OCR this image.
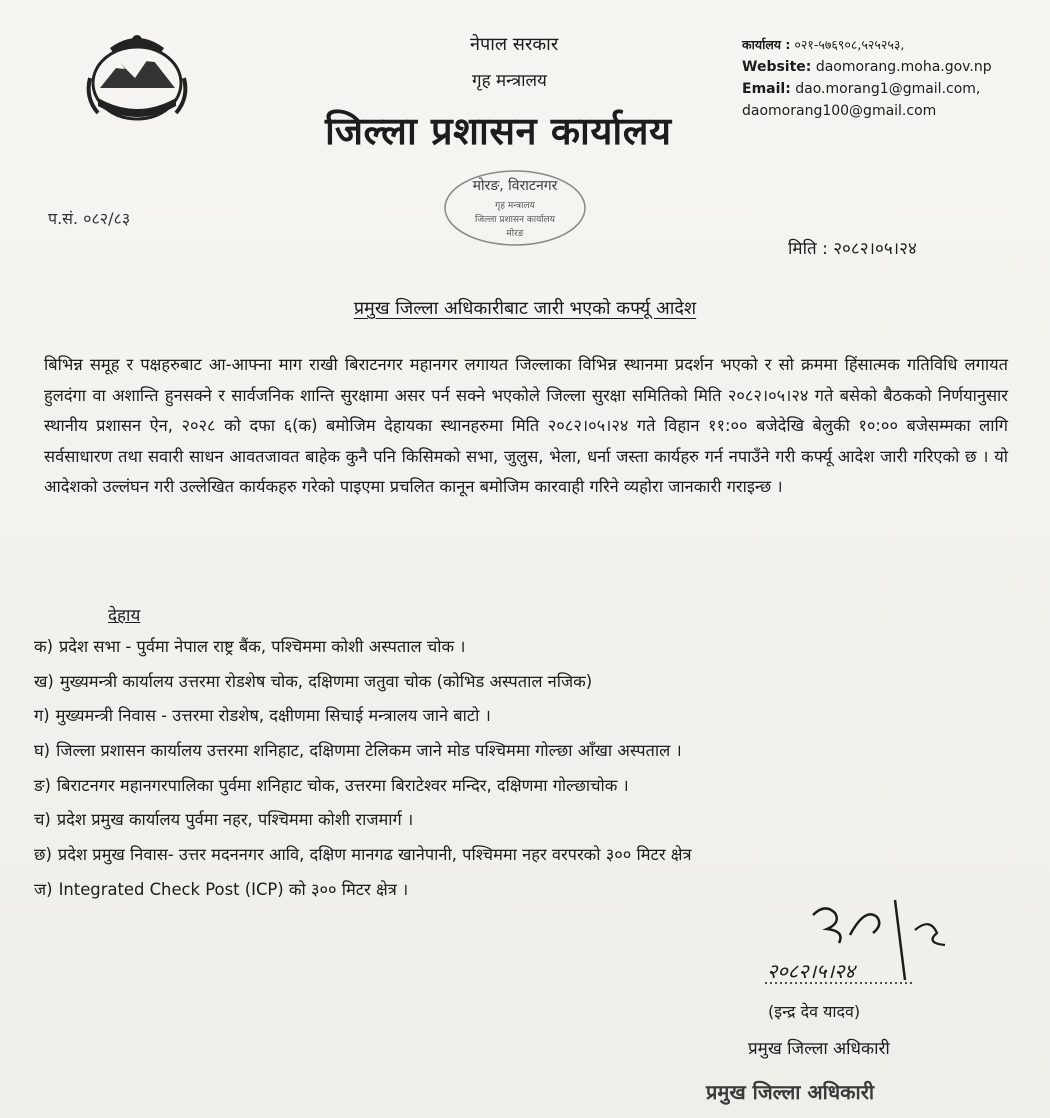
नेपाल सरकार
गृह मन्त्रालय
जिल्ला प्रशासन कार्यालय
कार्यालय : ०२१-५७६९०८,५२५२५३,
Website: daomorang.moha.gov.np
Email: dao.morang1@gmail.com,
daomorang100@gmail.com
मोरङ, विराटनगर
गृह मन्त्रालय
जिल्ला प्रशासन कार्यालय
मोरङ
प.सं. ०८२/८३
मिति : २०८२।०५।२४
प्रमुख जिल्ला अधिकारीबाट जारी भएको कर्फ्यू आदेश
बिभिन्न समूह र पक्षहरुबाट आ-आफ्ना माग राखी बिराटनगर महानगर लगायत जिल्लाका विभिन्न स्थानमा प्रदर्शन भएको र सो क्रममा हिंसात्मक गतिविधि लगायत हुलदंगा वा अशान्ति हुनसक्ने र सार्वजनिक शान्ति सुरक्षामा असर पर्न सक्ने भएकोले जिल्ला सुरक्षा समितिको मिति २०८२।०५।२४ गते बसेको बैठकको निर्णयानुसार स्थानीय प्रशासन ऐन, २०२८ को दफा ६(क) बमोजिम देहायका स्थानहरुमा मिति २०८२।०५।२४ गते विहान ११:०० बजेदेखि बेलुकी १०:०० बजेसम्मका लागि सर्वसाधारण तथा सवारी साधन आवतजावत बाहेक कुनै पनि किसिमको सभा, जुलुस, भेला, धर्ना जस्ता कार्यहरु गर्न नपाउँने गरी कर्फ्यू आदेश जारी गरिएको छ । यो आदेशको उल्लंघन गरी उल्लेखित कार्यकहरु गरेको पाइएमा प्रचलित कानून बमोजिम कारवाही गरिने व्यहोरा जानकारी गराइन्छ ।
देहाय
क) प्रदेश सभा - पुर्वमा नेपाल राष्ट्र बैंक, पश्चिममा कोशी अस्पताल चोक ।
ख) मुख्यमन्त्री कार्यालय उत्तरमा रोडशेष चोक, दक्षिणमा जतुवा चोक (कोभिड अस्पताल नजिक)
ग) मुख्यमन्त्री निवास - उत्तरमा रोडशेष, दक्षीणमा सिचाई मन्त्रालय जाने बाटो ।
घ) जिल्ला प्रशासन कार्यालय उत्तरमा शनिहाट, दक्षिणमा टेलिकम जाने मोड पश्चिममा गोल्छा आँखा अस्पताल ।
ङ) बिराटनगर महानगरपालिका पुर्वमा शनिहाट चोक, उत्तरमा बिराटेश्वर मन्दिर, दक्षिणमा गोल्छाचोक ।
च) प्रदेश प्रमुख कार्यालय पुर्वमा नहर, पश्चिममा कोशी राजमार्ग ।
छ) प्रदेश प्रमुख निवास- उत्तर मदननगर आवि, दक्षिण मानगढ खानेपानी, पश्चिममा नहर वरपरको ३०० मिटर क्षेत्र
ज) Integrated Check Post (ICP) को ३०० मिटर क्षेत्र ।
२०८२।५।२४
(इन्द्र देव यादव)
प्रमुख जिल्ला अधिकारी
प्रमुख जिल्ला अधिकारी
